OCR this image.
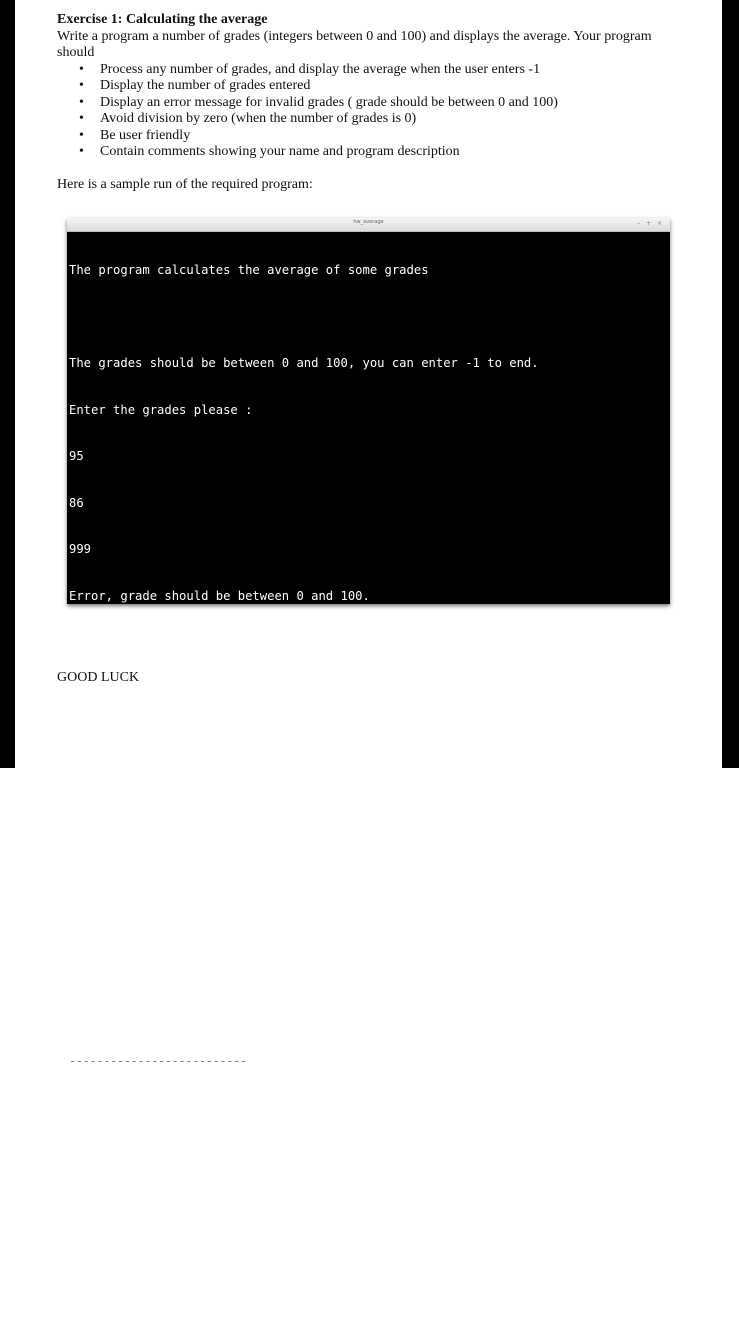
Exercise 1: Calculating the average

Write a program a number of grades (integers between 0 and 100) and displays the average. Your program should

•	Process any number of grades, and display the average when the user enters -1
•	Display the number of grades entered
•	Display an error message for invalid grades ( grade should be between 0 and 100)
•	Avoid division by zero (when the number of grades is 0)
•	Be user friendly
•	Contain comments showing your name and program description
Here is a sample run of the required program:
hw_average	– + ×

The program calculates the average of some grades

The grades should be between 0 and 100, you can enter -1 to end.

Enter the grades please :

95

86

999

Error, grade should be between 0 and 100.

Enter grade again: 99

49

77

-55

Error, grade should be between 0 and 100.

Enter grade again: 55

69

-1

--------------------------

You entered 7 grades.

Avegare = 75.7143

***!! THANK YOU FOR USING MY BEAUTIFUL PROGRAM !!***

GOOD LUCK
